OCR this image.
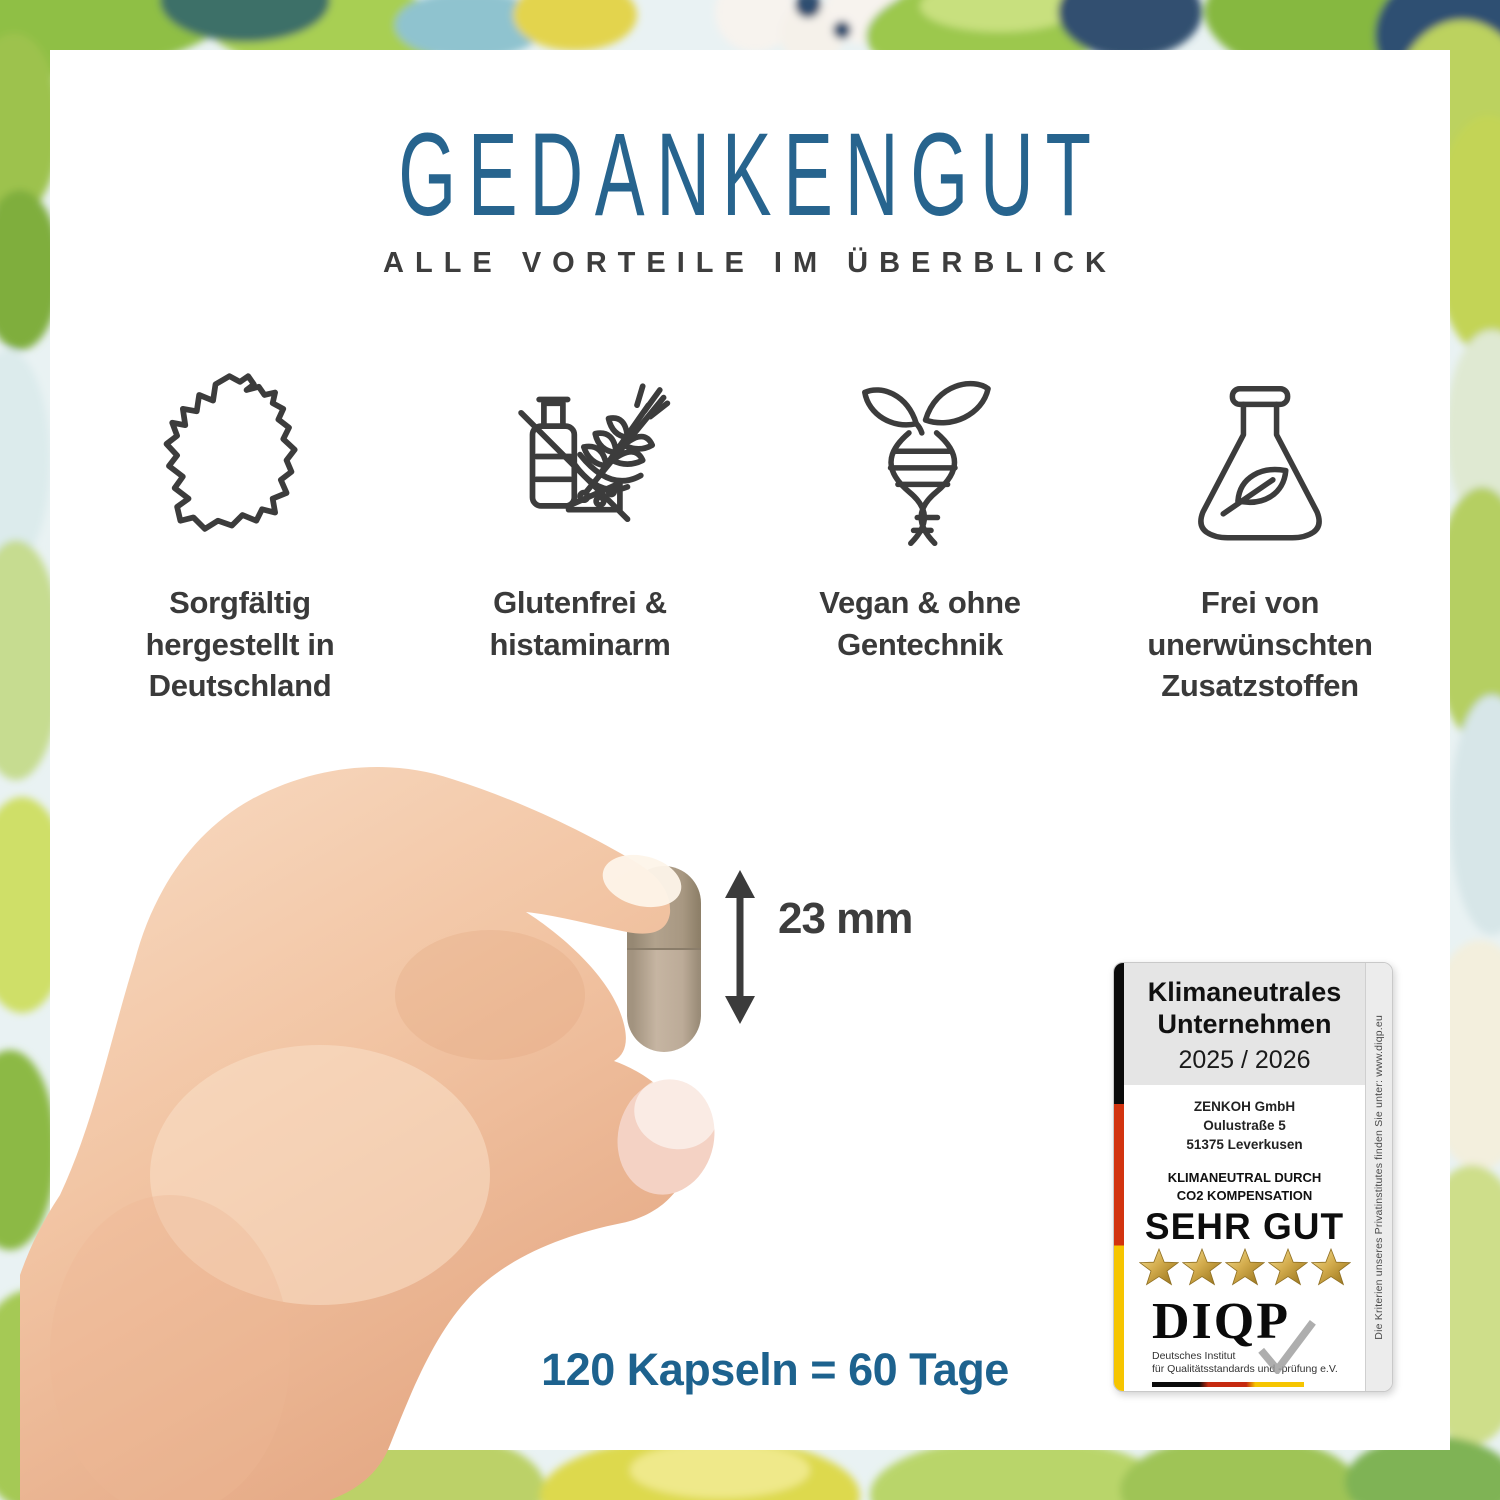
GEDANKENGUT
ALLE VORTEILE IM ÜBERBLICK
Sorgfältig hergestellt in Deutschland
Glutenfrei & histaminarm
Vegan & ohne Gentechnik
Frei von unerwünschten Zusatzstoffen
23 mm
120 Kapseln = 60 Tage
Klimaneutrales
Unternehmen
2025 / 2026
ZENKOH GmbH
Oulustraße 5
51375 Leverkusen
KLIMANEUTRAL DURCH
CO2 KOMPENSATION
SEHR GUT
DIQP
Deutsches Institut
für Qualitätsstandards und -prüfung e.V.
Die Kriterien unseres Privatinstitutes finden Sie unter: www.diqp.eu
